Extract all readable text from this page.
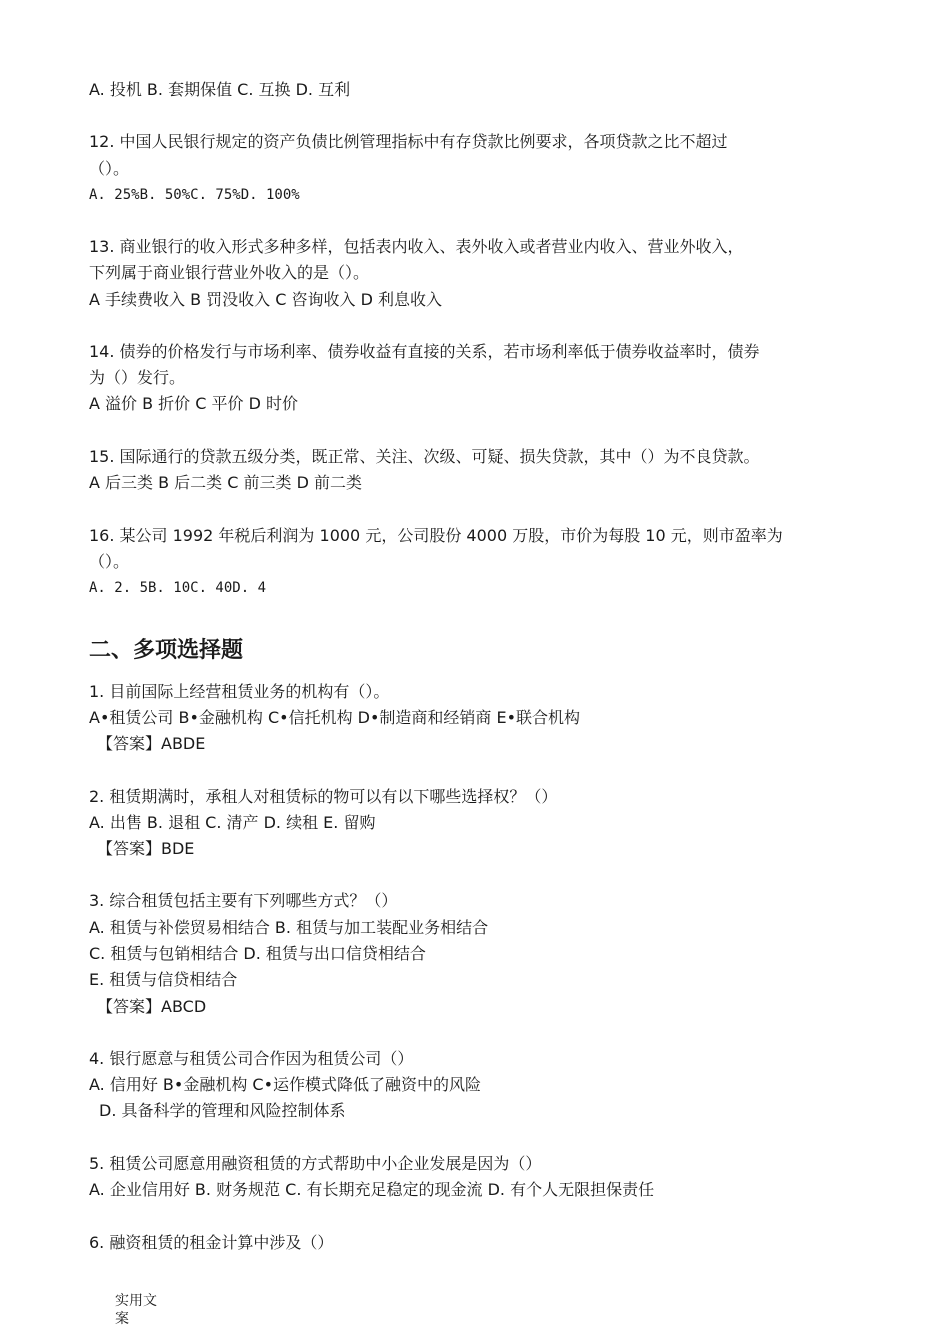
A. 投机 B. 套期保值 C. 互换 D. 互利

12. 中国人民银行规定的资产负债比例管理指标中有存贷款比例要求，各项贷款之比不超过

（）。

A. 25%B. 50%C. 75%D. 100%

13. 商业银行的收入形式多种多样，包括表内收入、表外收入或者营业内收入、营业外收入，

下列属于商业银行营业外收入的是（）。

A 手续费收入 B 罚没收入 C 咨询收入 D 利息收入

14. 债券的价格发行与市场利率、债券收益有直接的关系，若市场利率低于债券收益率时，债券

为（）发行。

A 溢价 B 折价 C 平价 D 时价

15. 国际通行的贷款五级分类，既正常、关注、次级、可疑、损失贷款，其中（）为不良贷款。

A 后三类 B 后二类 C 前三类 D 前二类

16. 某公司 1992 年税后利润为 1000 元，公司股份 4000 万股，市价为每股 10 元，则市盈率为

（）。

A. 2. 5B. 10C. 40D. 4

二、多项选择题

1. 目前国际上经营租赁业务的机构有（）。

A•租赁公司 B•金融机构 C•信托机构 D•制造商和经销商 E•联合机构

【答案】ABDE

2. 租赁期满时，承租人对租赁标的物可以有以下哪些选择权？（）

A. 出售 B. 退租 C. 清产 D. 续租 E. 留购

【答案】BDE

3. 综合租赁包括主要有下列哪些方式？（）

A. 租赁与补偿贸易相结合 B. 租赁与加工装配业务相结合

C. 租赁与包销相结合 D. 租赁与出口信贷相结合

E. 租赁与信贷相结合

【答案】ABCD

4. 银行愿意与租赁公司合作因为租赁公司（）

A. 信用好 B•金融机构 C•运作模式降低了融资中的风险

D. 具备科学的管理和风险控制体系

5. 租赁公司愿意用融资租赁的方式帮助中小企业发展是因为（）

A. 企业信用好 B. 财务规范 C. 有长期充足稳定的现金流 D. 有个人无限担保责任

6. 融资租赁的租金计算中涉及（）

实用文案
